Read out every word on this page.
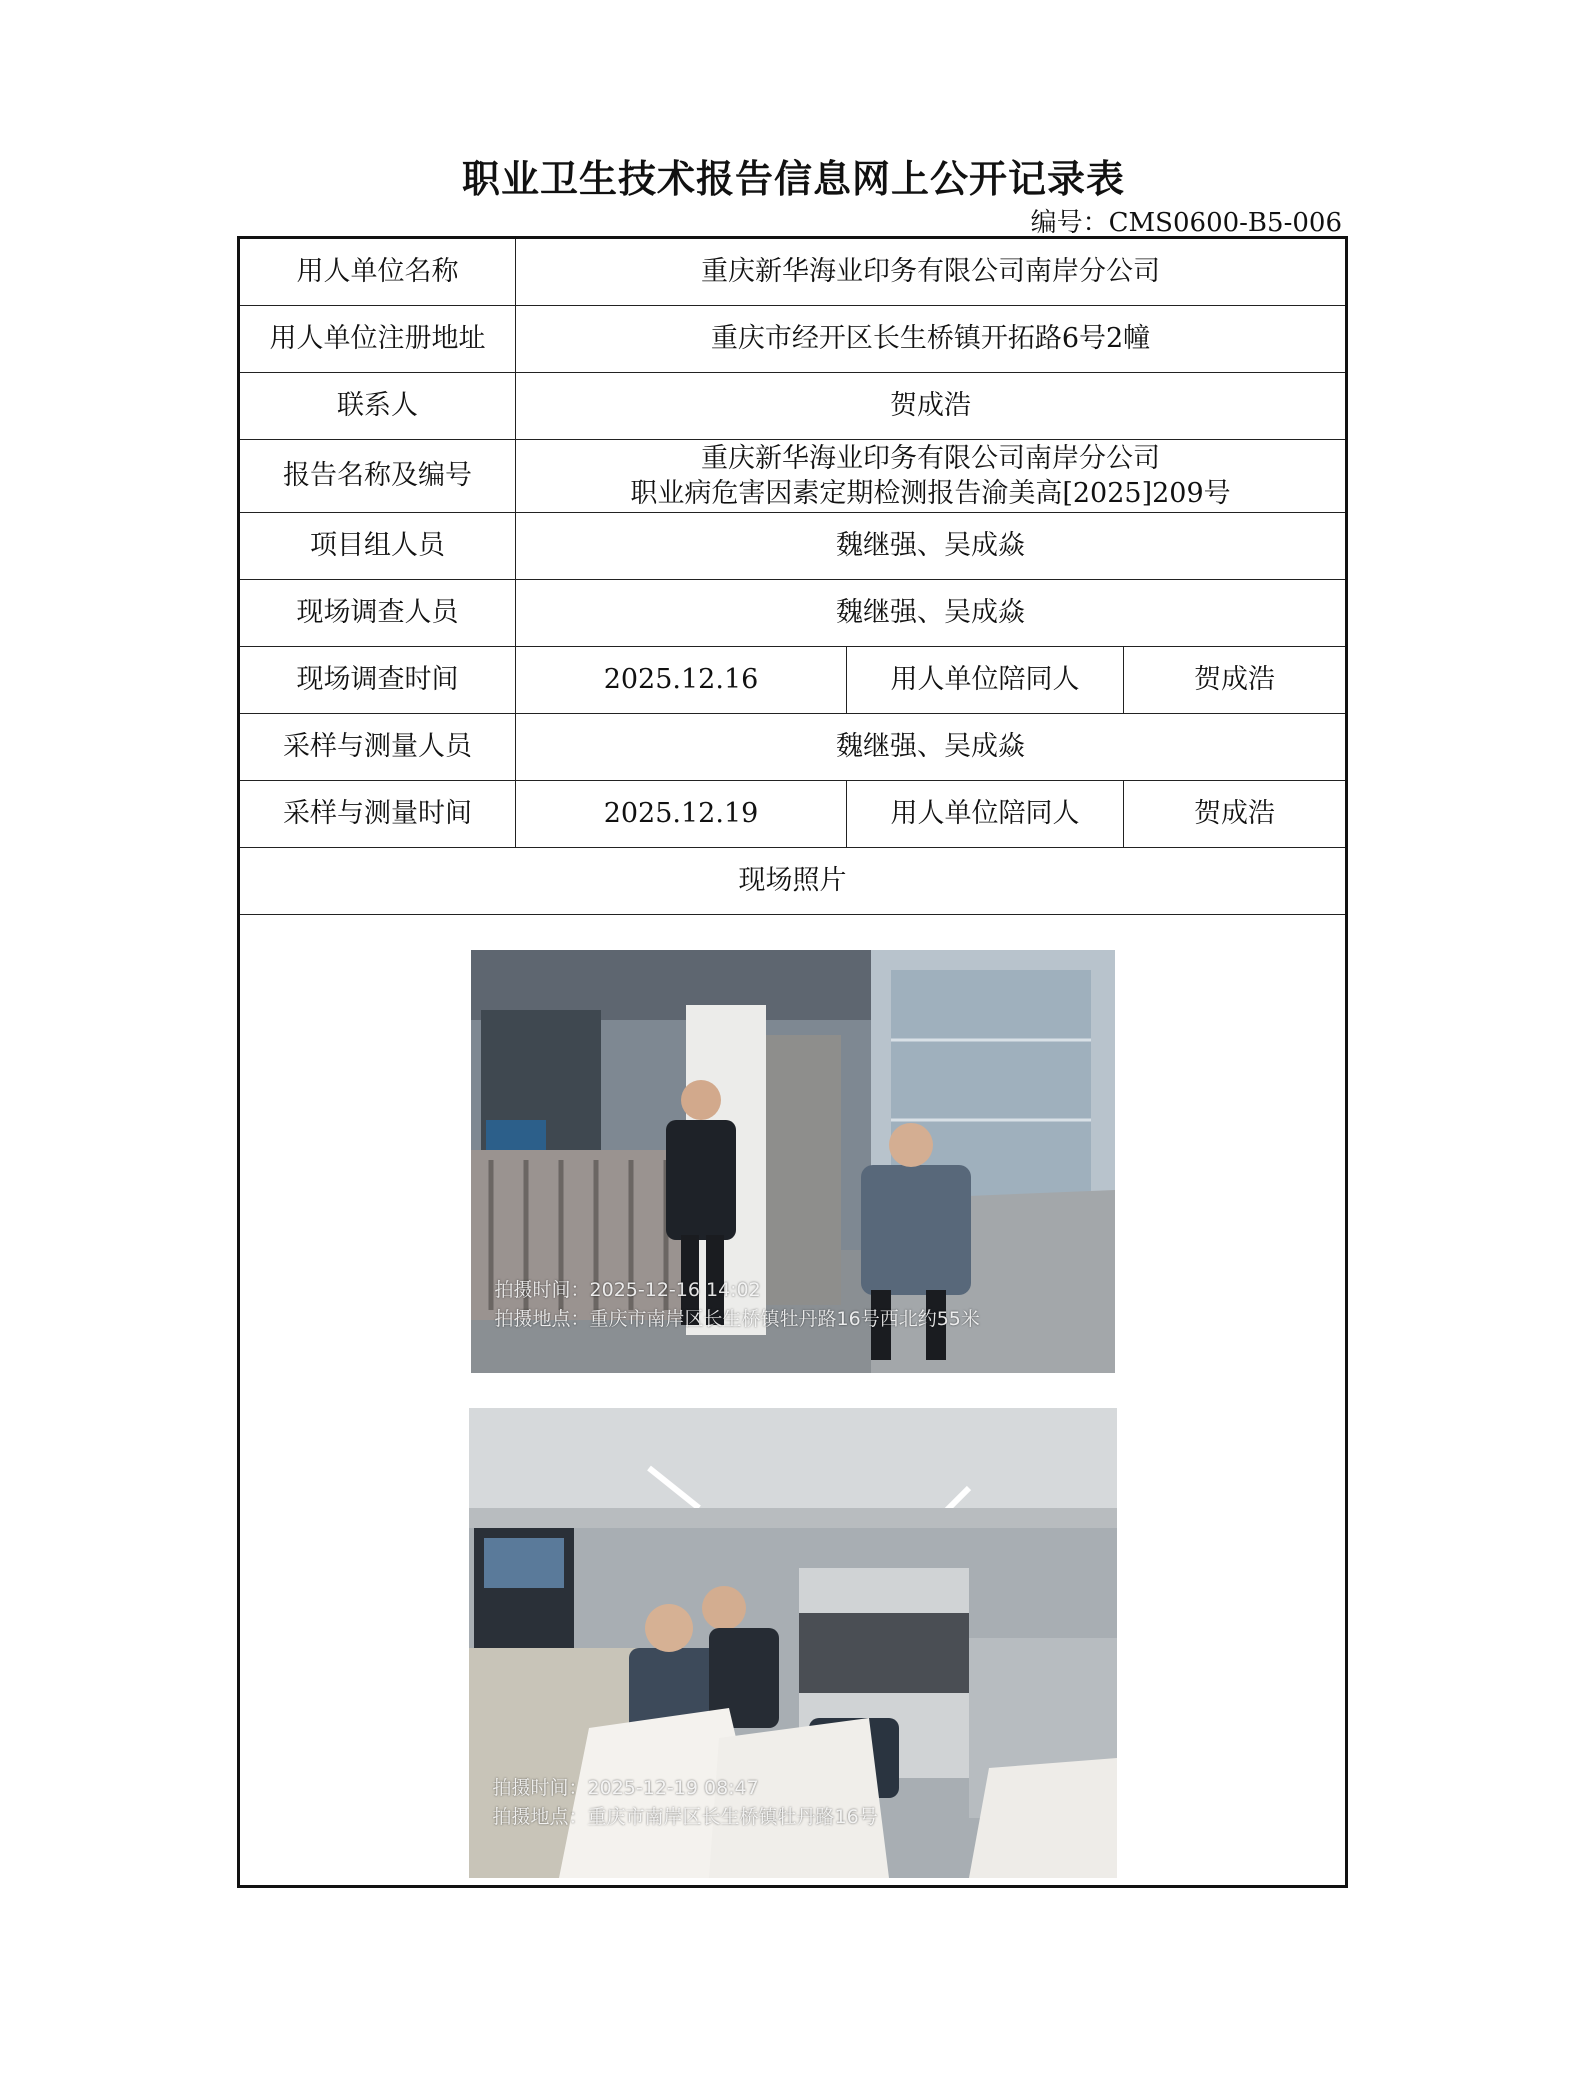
职业卫生技术报告信息网上公开记录表
编号：CMS0600-B5-006
用人单位名称	重庆新华海业印务有限公司南岸分公司		
用人单位注册地址	重庆市经开区长生桥镇开拓路6号2幢		
联系人	贺成浩		
报告名称及编号	重庆新华海业印务有限公司南岸分公司
职业病危害因素定期检测报告渝美高[2025]209号		

项目组人员	魏继强、吴成焱		
现场调查人员	魏继强、吴成焱		
现场调查时间	2025.12.16	用人单位陪同人	贺成浩
采样与测量人员	魏继强、吴成焱		
采样与测量时间	2025.12.19	用人单位陪同人	贺成浩
现场照片			

拍摄时间：2025-12-16 14:02
拍摄地点：重庆市南岸区长生桥镇牡丹路16号西北约55米
拍摄时间：2025-12-19 08:47
拍摄地点：重庆市南岸区长生桥镇牡丹路16号			
